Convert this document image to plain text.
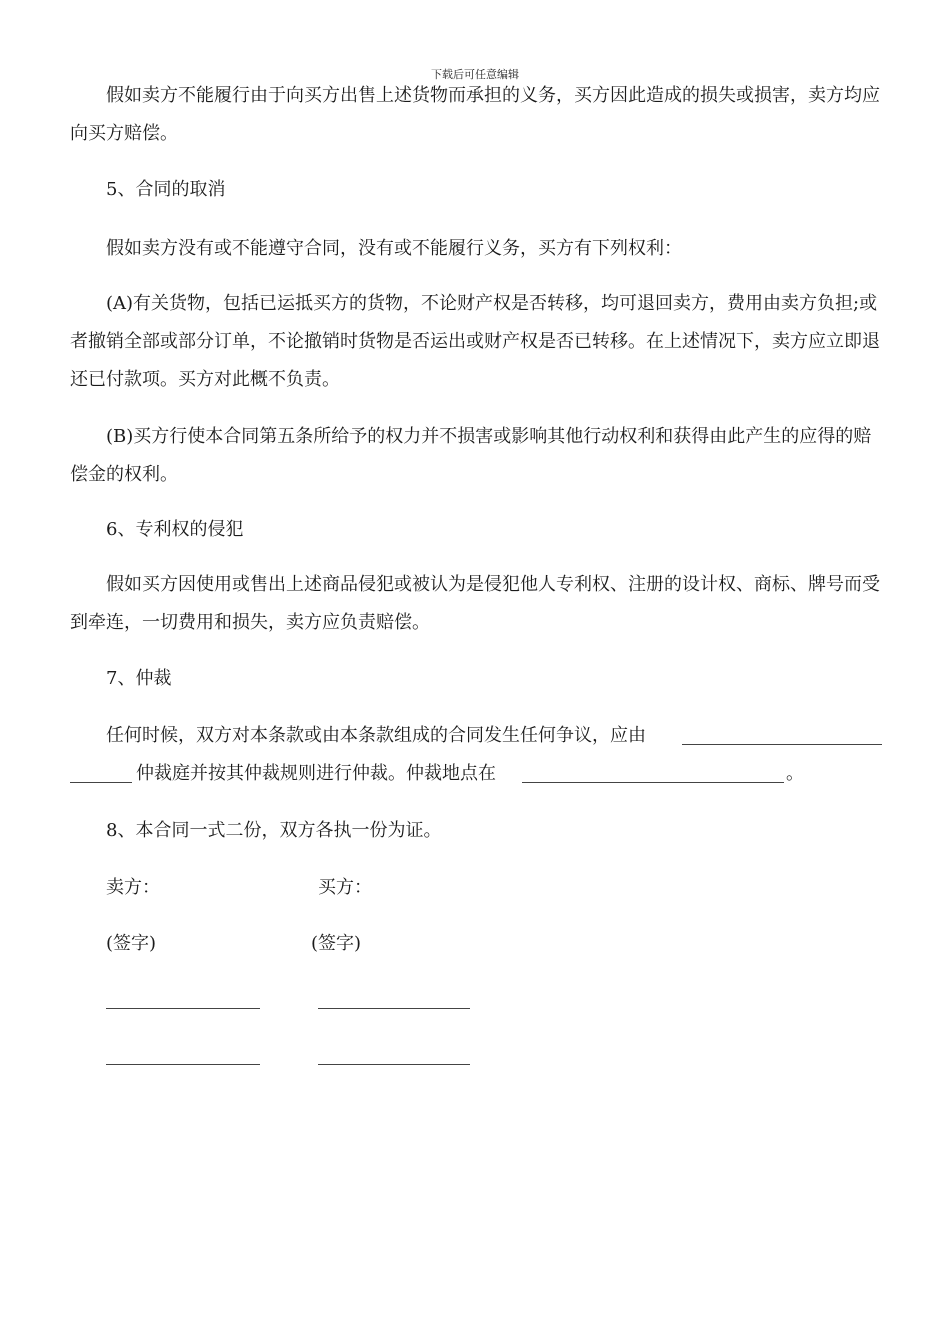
下载后可任意编辑
假如卖方不能履行由于向买方出售上述货物而承担的义务，买方因此造成的损失或损害，卖方均应向买方赔偿。
5、合同的取消
假如卖方没有或不能遵守合同，没有或不能履行义务，买方有下列权利：
(A)有关货物，包括已运抵买方的货物，不论财产权是否转移，均可退回卖方，费用由卖方负担;或者撤销全部或部分订单，不论撤销时货物是否运出或财产权是否已转移。在上述情况下，卖方应立即退还已付款项。买方对此概不负责。
(B)买方行使本合同第五条所给予的权力并不损害或影响其他行动权利和获得由此产生的应得的赔偿金的权利。
6、专利权的侵犯
假如买方因使用或售出上述商品侵犯或被认为是侵犯他人专利权、注册的设计权、商标、牌号而受到牵连，一切费用和损失，卖方应负责赔偿。
7、仲裁
任何时候，双方对本条款或由本条款组成的合同发生任何争议，应由
仲裁庭并按其仲裁规则进行仲裁。仲裁地点在	。
8、本合同一式二份，双方各执一份为证。
卖方：	买方：
(签字)	(签字)
